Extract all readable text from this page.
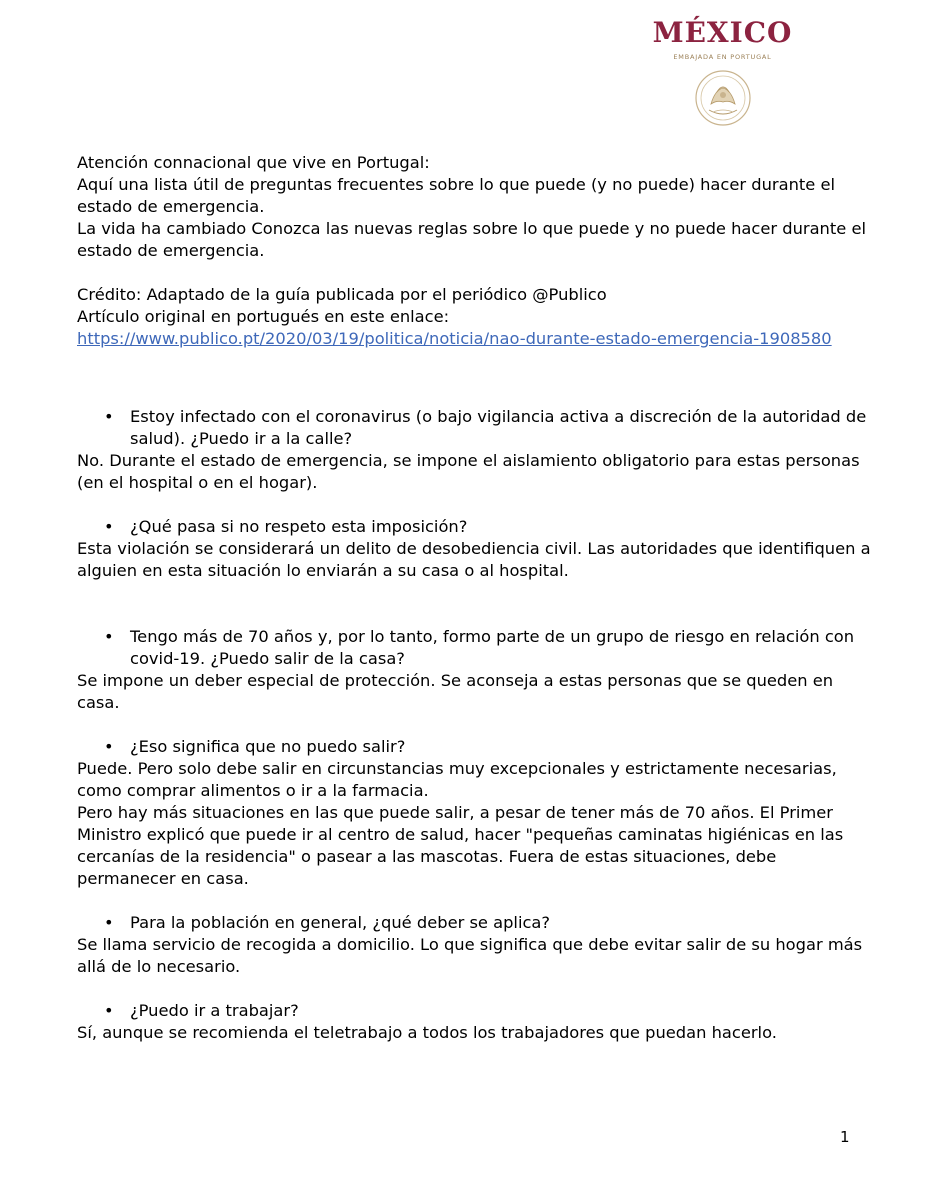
MÉXICO
EMBAJADA EN PORTUGAL

Atención connacional que vive en Portugal:

Aquí una lista útil de preguntas frecuentes sobre lo que puede (y no puede) hacer durante el estado de emergencia.

La vida ha cambiado Conozca las nuevas reglas sobre lo que puede y no puede hacer durante el estado de emergencia.

Crédito: Adaptado de la guía publicada por el periódico @Publico

Artículo original en portugués en este enlace:

https://www.publico.pt/2020/03/19/politica/noticia/nao-durante-estado-emergencia-1908580

• Estoy infectado con el coronavirus (o bajo vigilancia activa a discreción de la autoridad de salud). ¿Puedo ir a la calle?

No. Durante el estado de emergencia, se impone el aislamiento obligatorio para estas personas (en el hospital o en el hogar).

• ¿Qué pasa si no respeto esta imposición?

Esta violación se considerará un delito de desobediencia civil. Las autoridades que identifiquen a alguien en esta situación lo enviarán a su casa o al hospital.

• Tengo más de 70 años y, por lo tanto, formo parte de un grupo de riesgo en relación con covid-19. ¿Puedo salir de la casa?

Se impone un deber especial de protección. Se aconseja a estas personas que se queden en casa.

• ¿Eso significa que no puedo salir?

Puede. Pero solo debe salir en circunstancias muy excepcionales y estrictamente necesarias, como comprar alimentos o ir a la farmacia.

Pero hay más situaciones en las que puede salir, a pesar de tener más de 70 años. El Primer Ministro explicó que puede ir al centro de salud, hacer "pequeñas caminatas higiénicas en las cercanías de la residencia" o pasear a las mascotas. Fuera de estas situaciones, debe permanecer en casa.

• Para la población en general, ¿qué deber se aplica?

Se llama servicio de recogida a domicilio. Lo que significa que debe evitar salir de su hogar más allá de lo necesario.

• ¿Puedo ir a trabajar?

Sí, aunque se recomienda el teletrabajo a todos los trabajadores que puedan hacerlo.

1
